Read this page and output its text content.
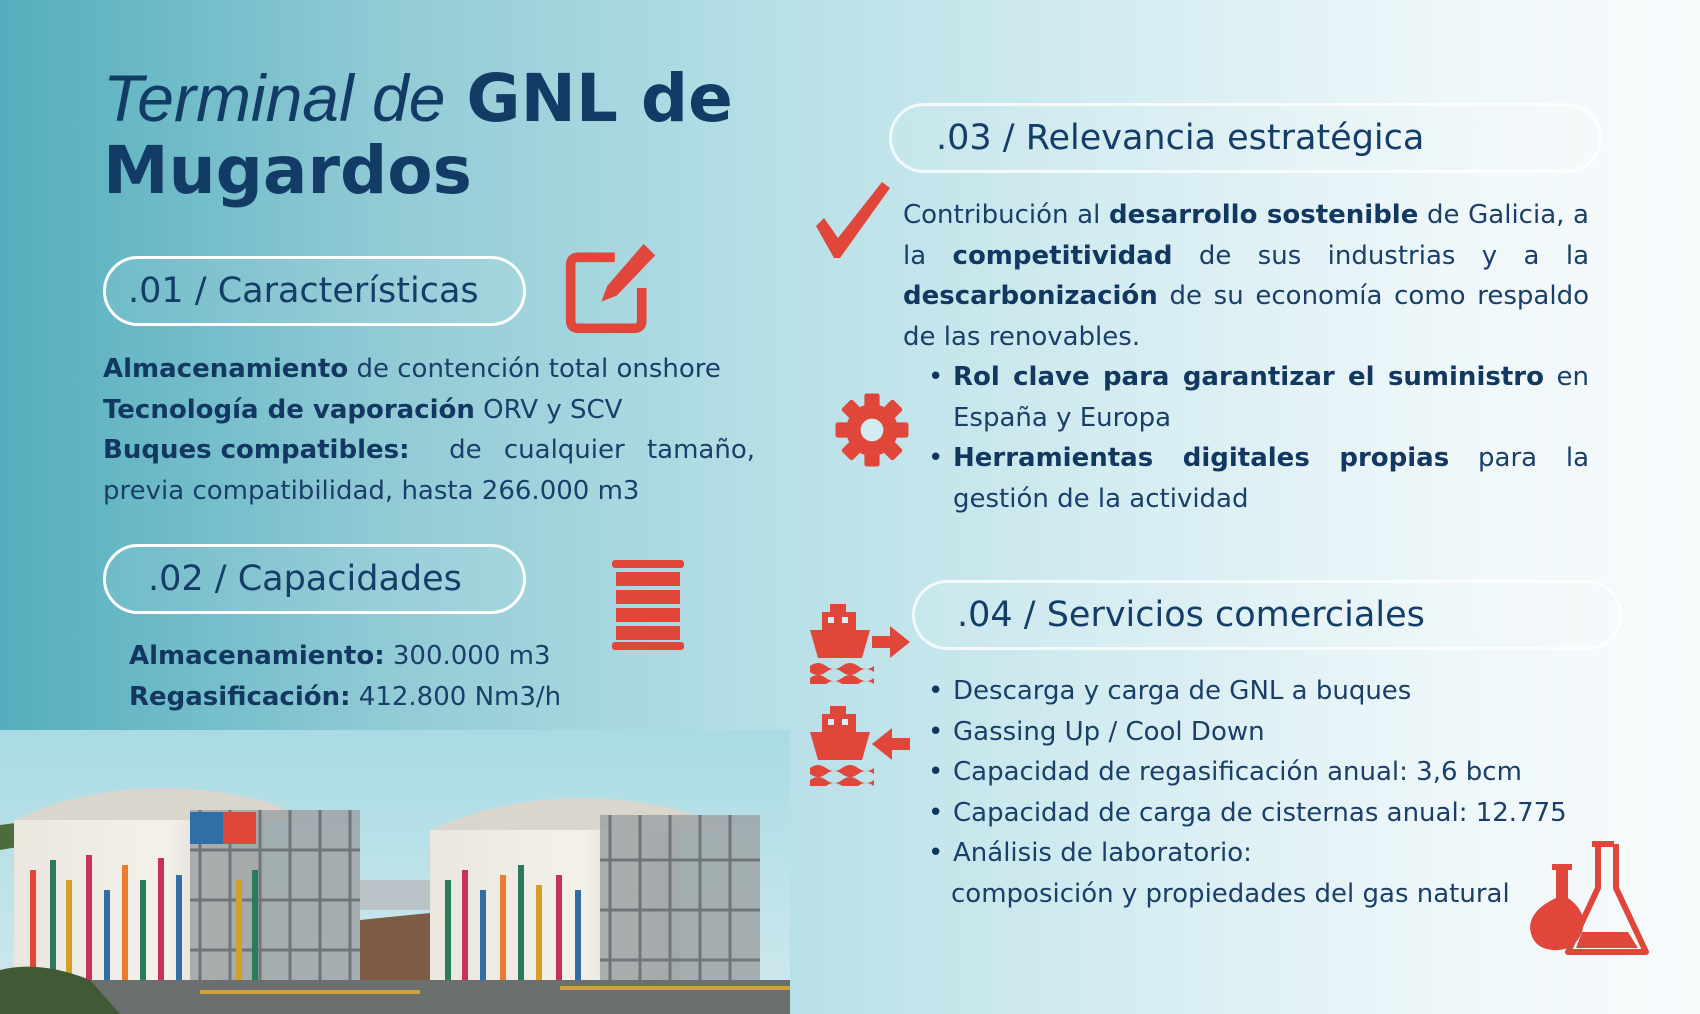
Terminal de GNL de Mugardos
.01 / Características
Almacenamiento de contención total onshore
Tecnología de vaporación ORV y SCV
Buques compatibles: de cualquier tamaño,
previa compatibilidad, hasta 266.000 m3
.02 / Capacidades
Almacenamiento: 300.000 m3
Regasificación: 412.800 Nm3/h
.03 / Relevancia estratégica
Contribución al desarrollo sostenible de Galicia, a la competitividad de sus industrias y a la descarbonización de su economía como respaldo de las renovables.
• Rol clave para garantizar el suministro en España y Europa
• Herramientas digitales propias para la gestión de la actividad
.04 / Servicios comerciales
• Descarga y carga de GNL a buques
• Gassing Up / Cool Down
• Capacidad de regasificación anual: 3,6 bcm
• Capacidad de carga de cisternas anual: 12.775
• Análisis de laboratorio:
composición y propiedades del gas natural
